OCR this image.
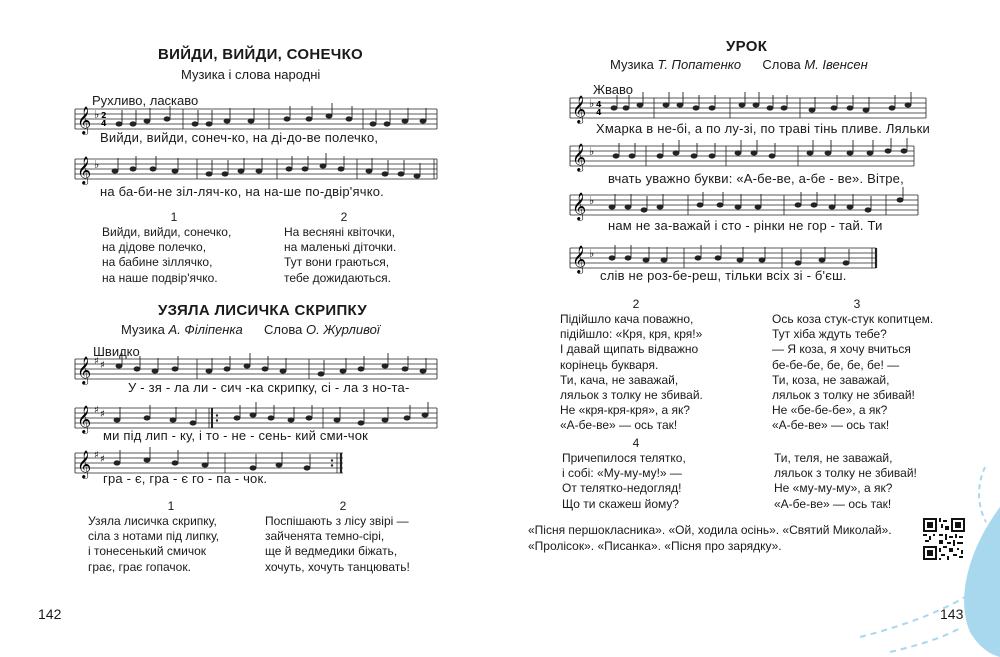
ВИЙДИ, ВИЙДИ, СОНЕЧКО
Музика і слова народні
Рухливо, ласкаво
𝄞 ♭ 2
4
Вийди, вийди, сонеч-ко, на ді-до-ве полечко,
𝄞 ♭
на ба-би-не зіл-ляч-ко, на на-ше по-двір'ячко.
1
Вийди, вийди, сонечко,
на дідове полечко,
на бабине зіллячко,
на наше подвір'ячко.
2
На весняні квіточки,
на маленькі діточки.
Тут вони граються,
тебе дожидаються.
УЗЯЛА ЛИСИЧКА СКРИПКУ
Музика А. Філіпенка Слова О. Журливої
Швидко
𝄞 ♯ ♯
У - зя - ла ли - сич -ка скрипку, сі - ла з но-та-
𝄞 ♯ ♯
ми під лип - ку, і то - не - сень- кий сми-чок
𝄞 ♯ ♯
гра - є, гра - є го - па - чок.
1
Узяла лисичка скрипку,
сіла з нотами під липку,
і тонесенький смичок
грає, грає гопачок.
2
Поспішають з лісу звірі —
зайченята темно-сірі,
ще й ведмедики біжать,
хочуть, хочуть танцювать!
142
УРОК
Музика Т. Попатенко Слова М. Івенсен
Жваво
𝄞 ♭ 4
4
Хмарка в не-бі, а по лу-зі, по траві тінь пливе. Ляльки
𝄞 ♭
вчать уважно букви: «А-бе-ве, а-бе - ве». Вітре,
𝄞 ♭
нам не за-важай і сто - рінки не гор - тай. Ти
𝄞 ♭
слів не роз-бе-реш, тільки всіх зі - б'єш.
2
Підійшло кача поважно,
підійшло: «Кря, кря, кря!»
І давай щипать відважно
корінець букваря.
Ти, кача, не заважай,
ляльок з толку не збивай.
Не «кря-кря-кря», а як?
«А-бе-ве» — ось так!
3
Ось коза стук-стук копитцем.
Тут хіба ждуть тебе?
— Я коза, я хочу вчиться
бе-бе-бе, бе, бе, бе! —
Ти, коза, не заважай,
ляльок з толку не збивай!
Не «бе-бе-бе», а як?
«А-бе-ве» — ось так!
4
Причепилося телятко,
і собі: «Му-му-му!» —
От телятко-недогляд!
Що ти скажеш йому?
Ти, теля, не заважай,
ляльок з толку не збивай!
Не «му-му-му», а як?
«А-бе-ве» — ось так!
«Пісня першокласника». «Ой, ходила осінь». «Святий Миколай».
«Пролісок». «Писанка». «Пісня про зарядку».
143
